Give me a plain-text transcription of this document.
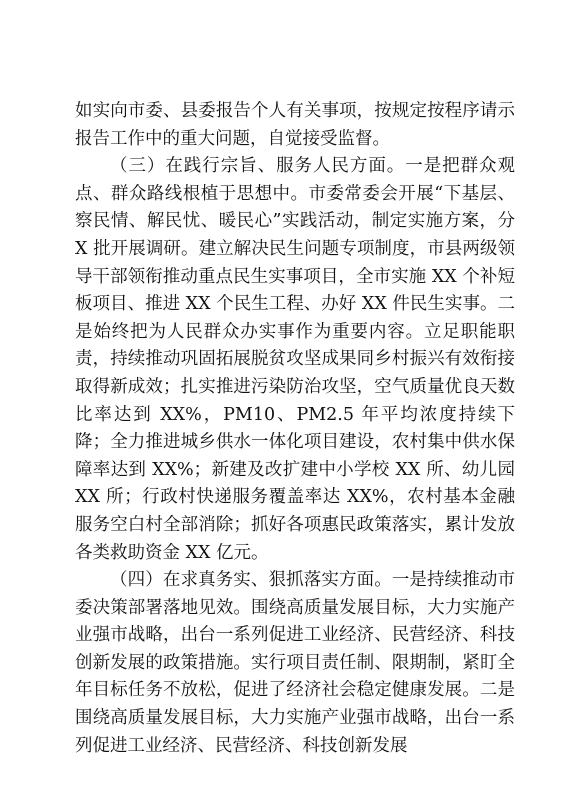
如实向市委、县委报告个人有关事项，按规定按程序请示报告工作中的重大问题，自觉接受监督。

（三）在践行宗旨、服务人民方面。一是把群众观点、群众路线根植于思想中。市委常委会开展“下基层、察民情、解民忧、暖民心”实践活动，制定实施方案，分 X 批开展调研。建立解决民生问题专项制度，市县两级领导干部领衔推动重点民生实事项目，全市实施 XX 个补短板项目、推进 XX 个民生工程、办好 XX 件民生实事。二是始终把为人民群众办实事作为重要内容。立足职能职责，持续推动巩固拓展脱贫攻坚成果同乡村振兴有效衔接取得新成效；扎实推进污染防治攻坚，空气质量优良天数比率达到 XX%，PM10、PM2.5 年平均浓度持续下降；全力推进城乡供水一体化项目建设，农村集中供水保障率达到 XX%；新建及改扩建中小学校 XX 所、幼儿园 XX 所；行政村快递服务覆盖率达 XX%，农村基本金融服务空白村全部消除；抓好各项惠民政策落实，累计发放各类救助资金 XX 亿元。

（四）在求真务实、狠抓落实方面。一是持续推动市委决策部署落地见效。围绕高质量发展目标，大力实施产业强市战略，出台一系列促进工业经济、民营经济、科技创新发展的政策措施。实行项目责任制、限期制，紧盯全年目标任务不放松，促进了经济社会稳定健康发展。二是围绕高质量发展目标，大力实施产业强市战略，出台一系列促进工业经济、民营经济、科技创新发展
